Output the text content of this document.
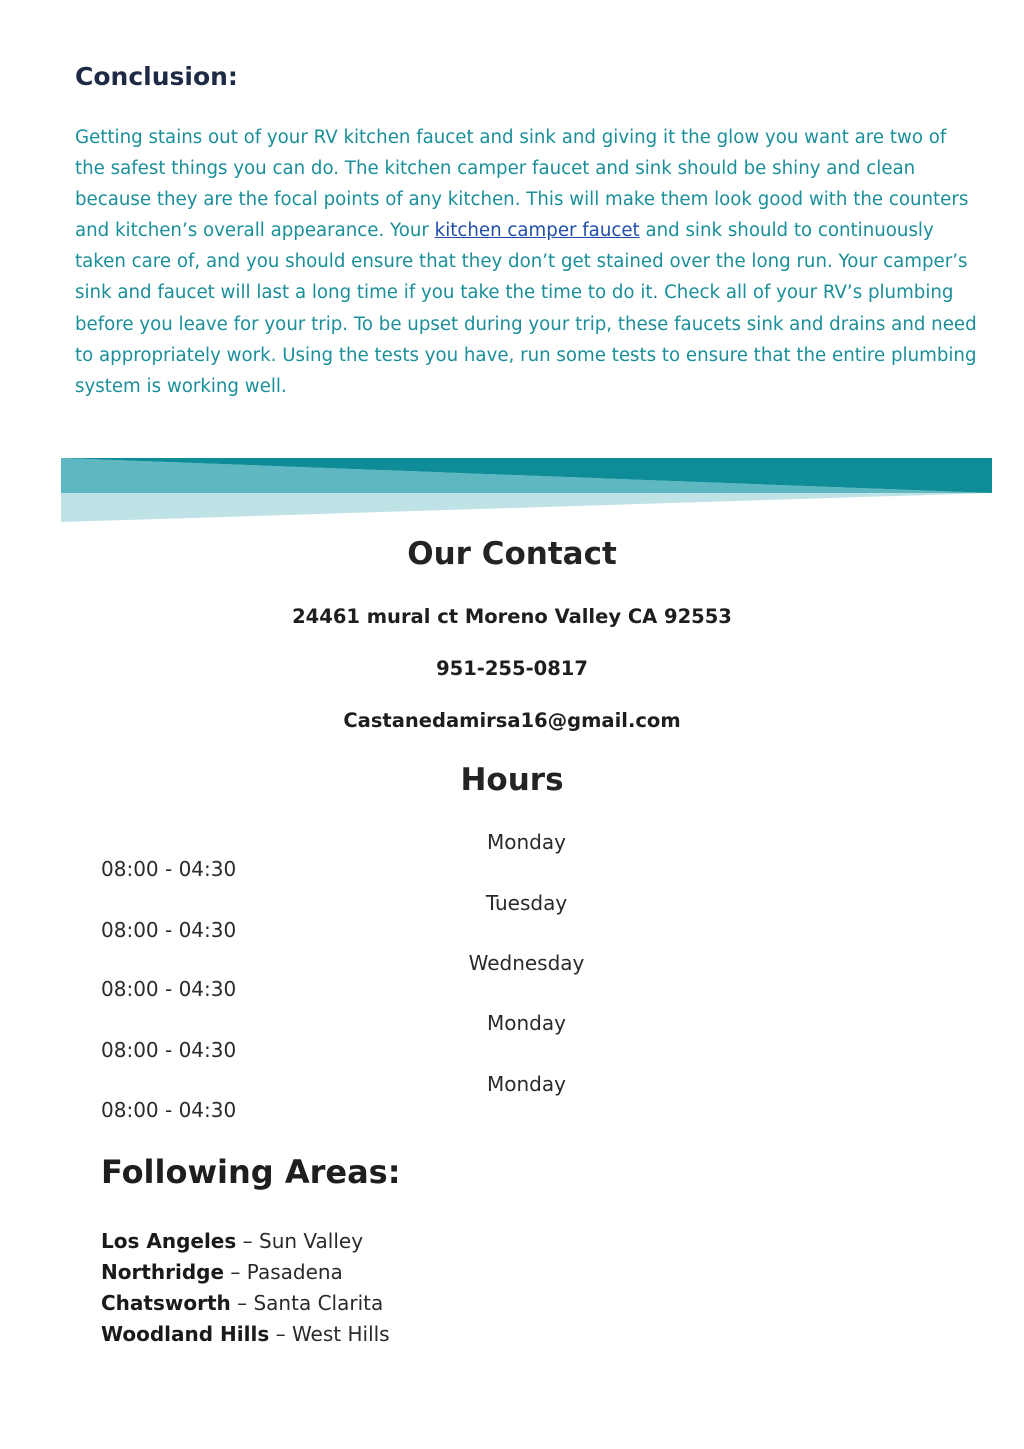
Conclusion:

Getting stains out of your RV kitchen faucet and sink and giving it the glow you want are two of the safest things you can do. The kitchen camper faucet and sink should be shiny and clean because they are the focal points of any kitchen. This will make them look good with the counters and kitchen’s overall appearance. Your kitchen camper faucet and sink should to continuously taken care of, and you should ensure that they don’t get stained over the long run. Your camper’s sink and faucet will last a long time if you take the time to do it. Check all of your RV’s plumbing before you leave for your trip. To be upset during your trip, these faucets sink and drains and need to appropriately work. Using the tests you have, run some tests to ensure that the entire plumbing system is working well.

Our Contact
24461 mural ct Moreno Valley CA 92553
951-255-0817
Castanedamirsa16@gmail.com
Hours
Monday
08:00 - 04:30
Tuesday
08:00 - 04:30
Wednesday
08:00 - 04:30
Monday
08:00 - 04:30
Monday
08:00 - 04:30
Following Areas:
Los Angeles – Sun Valley
Northridge – Pasadena
Chatsworth – Santa Clarita
Woodland Hills – West Hills
